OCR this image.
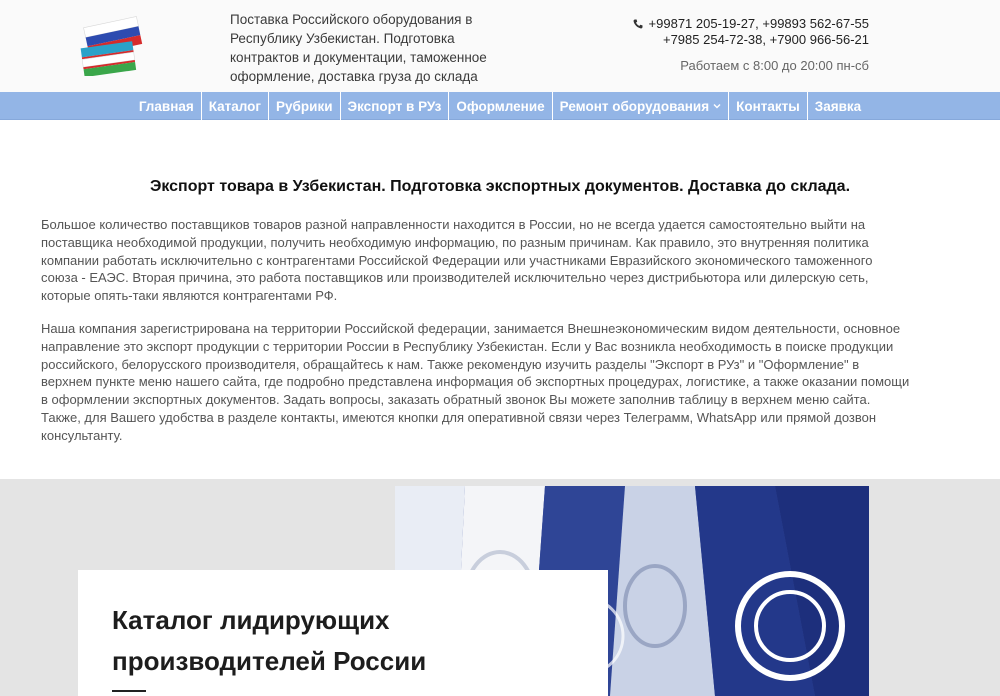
Поставка Российского оборудования в Республику Узбекистан. Подготовка контрактов и документации, таможенное оформление, доставка груза до склада
+99871 205-19-27, +99893 562-67-55
+7985 254-72-38, +7900 966-56-21
Работаем с 8:00 до 20:00 пн-сб
Главная	Каталог	Рубрики	Экспорт в РУз	Оформление	Ремонт оборудования	Контакты	Заявка
Экспорт товара в Узбекистан. Подготовка экспортных документов. Доставка до склада.

Большое количество поставщиков товаров разной направленности находится в России, но не всегда удается самостоятельно выйти на поставщика необходимой продукции, получить необходимую информацию, по разным причинам. Как правило, это внутренняя политика компании работать исключительно с контрагентами Российской Федерации или участниками Евразийского экономического таможенного союза - ЕАЭС. Вторая причина, это работа поставщиков или производителей исключительно через дистрибьютора или дилерскую сеть, которые опять-таки являются контрагентами РФ.

Наша компания зарегистрирована на территории Российской федерации, занимается Внешнеэкономическим видом деятельности, основное направление это экспорт продукции с территории России в Республику Узбекистан. Если у Вас возникла необходимость в поиске продукции российского, белорусского производителя, обращайтесь к нам. Также рекомендую изучить разделы "Экспорт в РУз" и "Оформление" в верхнем пункте меню нашего сайта, где подробно представлена информация об экспортных процедурах, логистике, а также оказании помощи в оформлении экспортных документов. Задать вопросы, заказать обратный звонок Вы можете заполнив таблицу в верхнем меню сайта. Также, для Вашего удобства в разделе контакты, имеются кнопки для оперативной связи через Телеграмм, WhatsApp или прямой дозвон консультанту.

Каталог лидирующих производителей России
